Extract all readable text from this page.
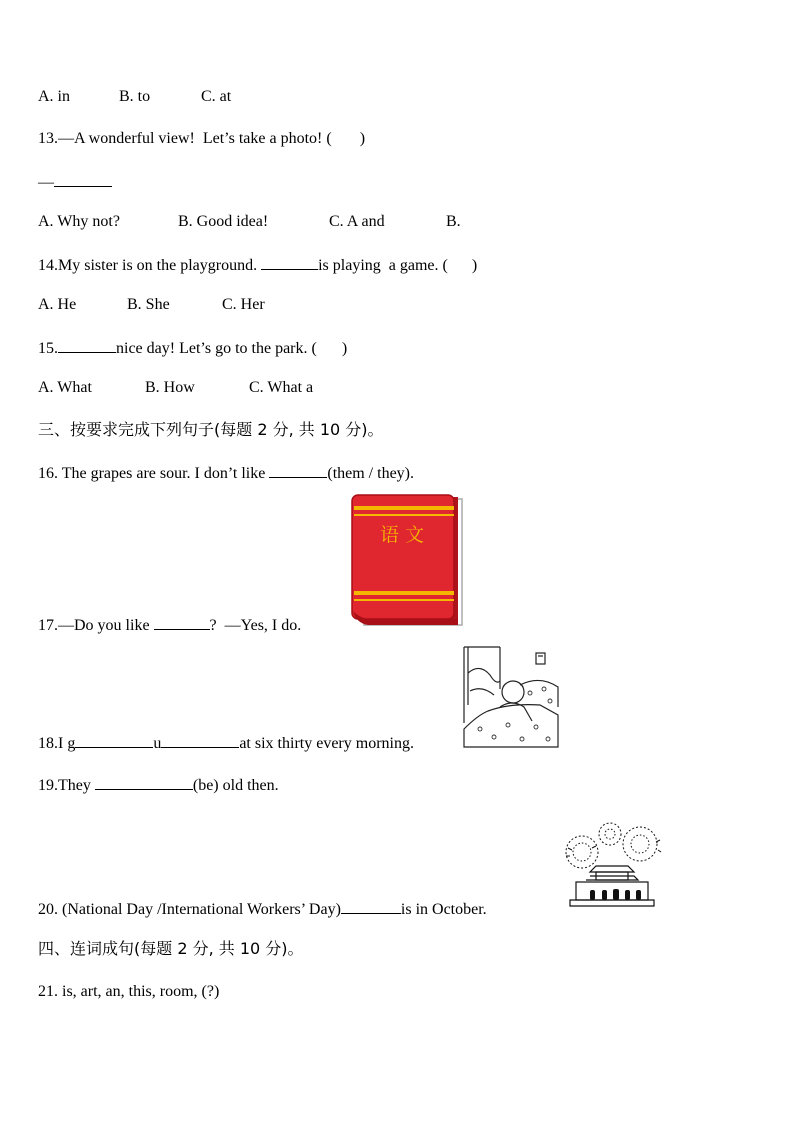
A. in	B. to	C. at
13.—A wonderful view!  Let’s take a photo! ( )
—
A. Why not?	B. Good idea!	C. A and	B.
14.My sister is on the playground.	is playing  a game. ( )
A. He	B. She	C. Her
15.	nice day! Let’s go to the park. ( )
A. What	B. How	C. What a
三、按要求完成下列句子(每题 2 分, 共 10 分)。
16. The grapes are sour. I don’t like	(them / they).
语 文
17.—Do you like	?  —Yes, I do.
18.I g	u	at six thirty every morning.
19.They	(be) old then.
20. (National Day /International Workers’ Day)	is in October.
四、连词成句(每题 2 分, 共 10 分)。
21. is, art, an, this, room, (?)
